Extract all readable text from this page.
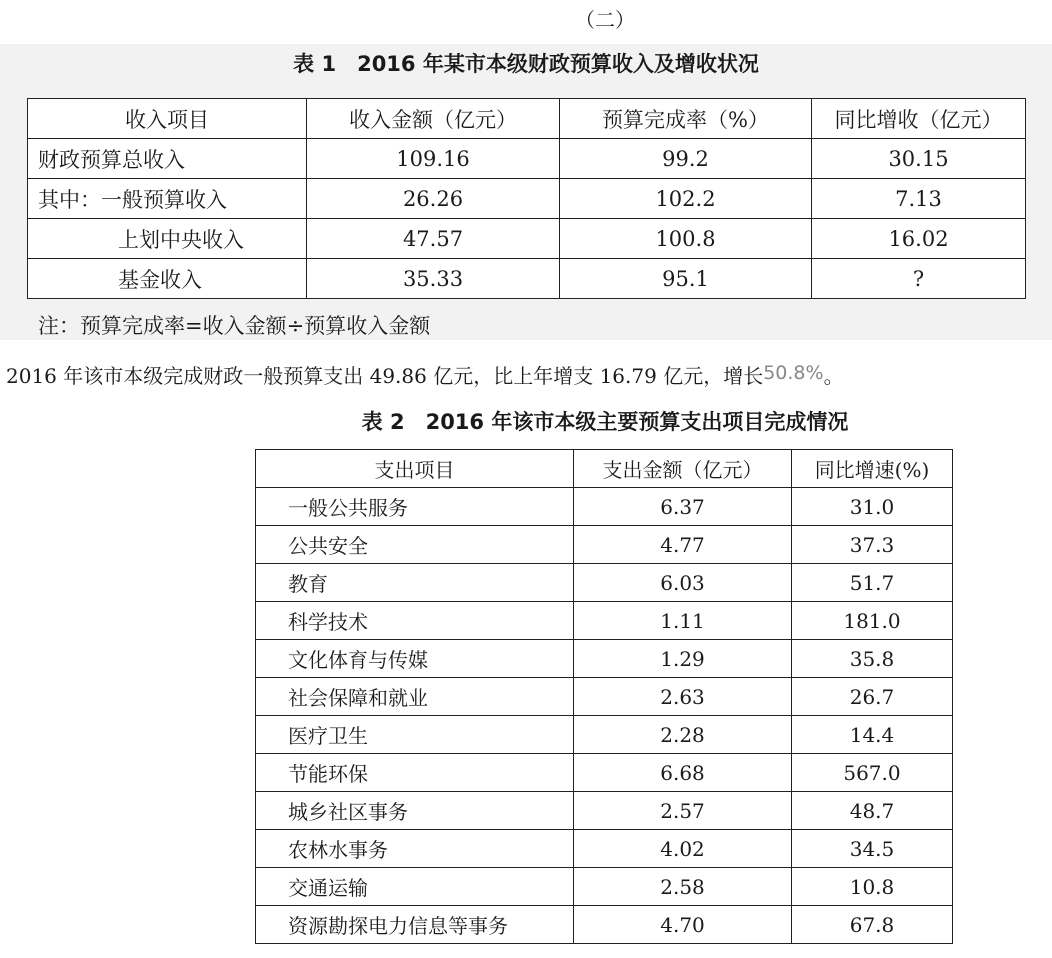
（二）
表 1　2016 年某市本级财政预算收入及增收状况
收入项目	收入金额（亿元）	预算完成率（%）	同比增收（亿元）
财政预算总收入	109.16	99.2	30.15
其中：一般预算收入	26.26	102.2	7.13
上划中央收入	47.57	100.8	16.02
基金收入	35.33	95.1	?
注：预算完成率=收入金额÷预算收入金额
2016 年该市本级完成财政一般预算支出 49.86 亿元，比上年增支 16.79 亿元，增长50.8%。
表 2　2016 年该市本级主要预算支出项目完成情况
支出项目	支出金额（亿元）	同比增速(%)
一般公共服务	6.37	31.0
公共安全	4.77	37.3
教育	6.03	51.7
科学技术	1.11	181.0
文化体育与传媒	1.29	35.8
社会保障和就业	2.63	26.7
医疗卫生	2.28	14.4
节能环保	6.68	567.0
城乡社区事务	2.57	48.7
农林水事务	4.02	34.5
交通运输	2.58	10.8
资源勘探电力信息等事务	4.70	67.8
